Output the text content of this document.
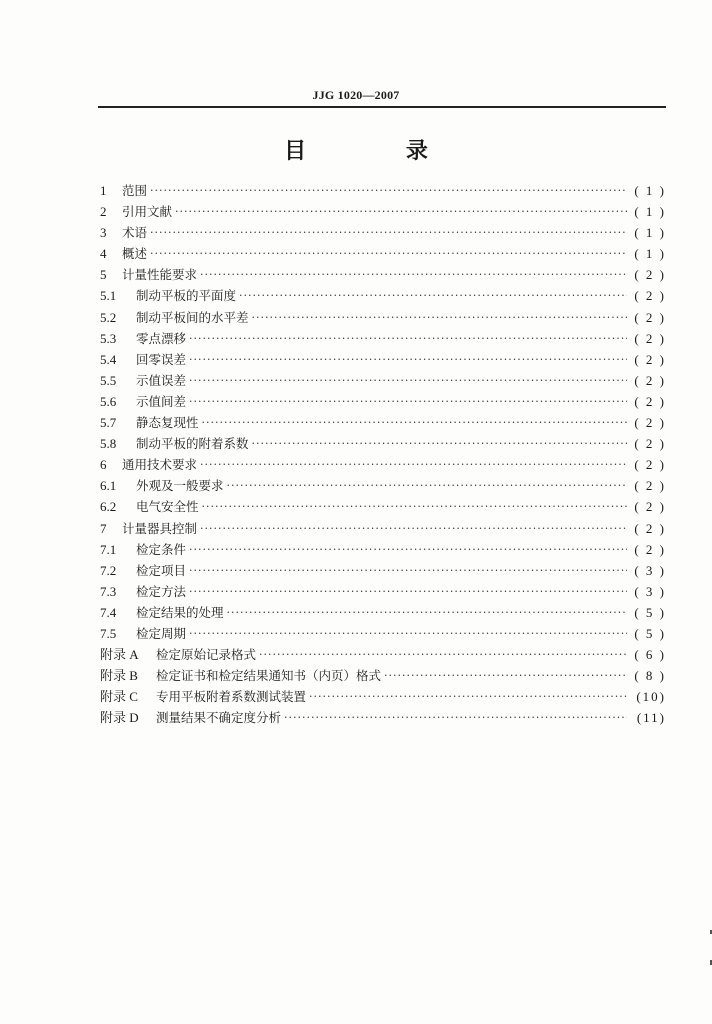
JJG 1020—2007
目 录
1	范围 ·····	( 1 )
2	引用文献 ·····	( 1 )
3	术语 ·····	( 1 )
4	概述 ·····	( 1 )
5	计量性能要求 ·····	( 2 )
5.1	制动平板的平面度 ·····	( 2 )
5.2	制动平板间的水平差 ·····	( 2 )
5.3	零点漂移 ·····	( 2 )
5.4	回零误差 ·····	( 2 )
5.5	示值误差 ·····	( 2 )
5.6	示值间差 ·····	( 2 )
5.7	静态复现性 ·····	( 2 )
5.8	制动平板的附着系数 ·····	( 2 )
6	通用技术要求 ·····	( 2 )
6.1	外观及一般要求 ·····	( 2 )
6.2	电气安全性 ·····	( 2 )
7	计量器具控制 ·····	( 2 )
7.1	检定条件 ·····	( 2 )
7.2	检定项目 ·····	( 3 )
7.3	检定方法 ·····	( 3 )
7.4	检定结果的处理 ·····	( 5 )
7.5	检定周期 ·····	( 5 )
附录 A	检定原始记录格式 ·····	( 6 )
附录 B	检定证书和检定结果通知书（内页）格式 ·····	( 8 )
附录 C	专用平板附着系数测试装置 ·····	(10)
附录 D	测量结果不确定度分析 ·····	(11)
